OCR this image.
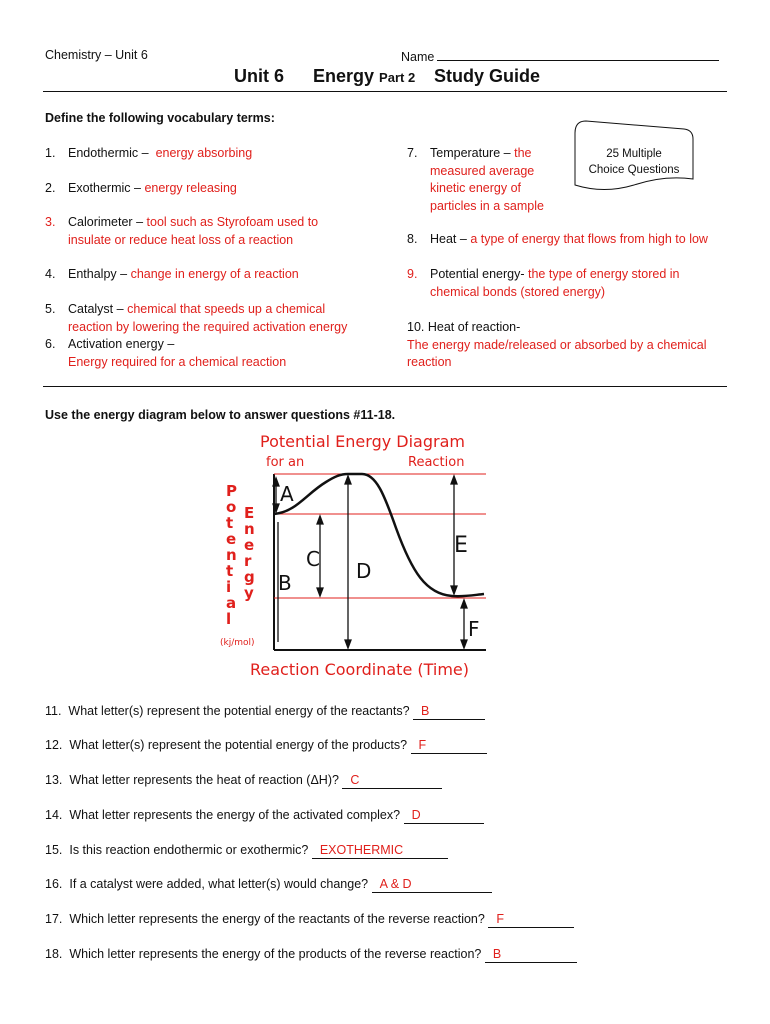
Chemistry – Unit 6	Name
Unit 6 Energy Part 2 Study Guide
Define the following vocabulary terms:
1. Endothermic – energy absorbing
2. Exothermic – energy releasing
3. Calorimeter – tool such as Styrofoam used to
insulate or reduce heat loss of a reaction
4. Enthalpy – change in energy of a reaction
5. Catalyst – chemical that speeds up a chemical
reaction by lowering the required activation energy
6. Activation energy –
Energy required for a chemical reaction
7. Temperature – the
measured average
kinetic energy of
particles in a sample
25 Multiple
Choice Questions
8. Heat – a type of energy that flows from high to low
9. Potential energy- the type of energy stored in
chemical bonds (stored energy)
10. Heat of reaction-
The energy made/released or absorbed by a chemical
reaction
Use the energy diagram below to answer questions #11-18.
Potential Energy Diagram
for an	Reaction
A
C
B	D
E
F
P
o
t
e
n
t
i
a
l
E
n
e
r
g
y
(kj/mol)
Reaction Coordinate (Time)
11. What letter(s) represent the potential energy of the reactants? B
12. What letter(s) represent the potential energy of the products? F
13. What letter represents the heat of reaction (ΔH)? C
14. What letter represents the energy of the activated complex? D
15. Is this reaction endothermic or exothermic? EXOTHERMIC
16. If a catalyst were added, what letter(s) would change? A & D
17. Which letter represents the energy of the reactants of the reverse reaction? F
18. Which letter represents the energy of the products of the reverse reaction? B
